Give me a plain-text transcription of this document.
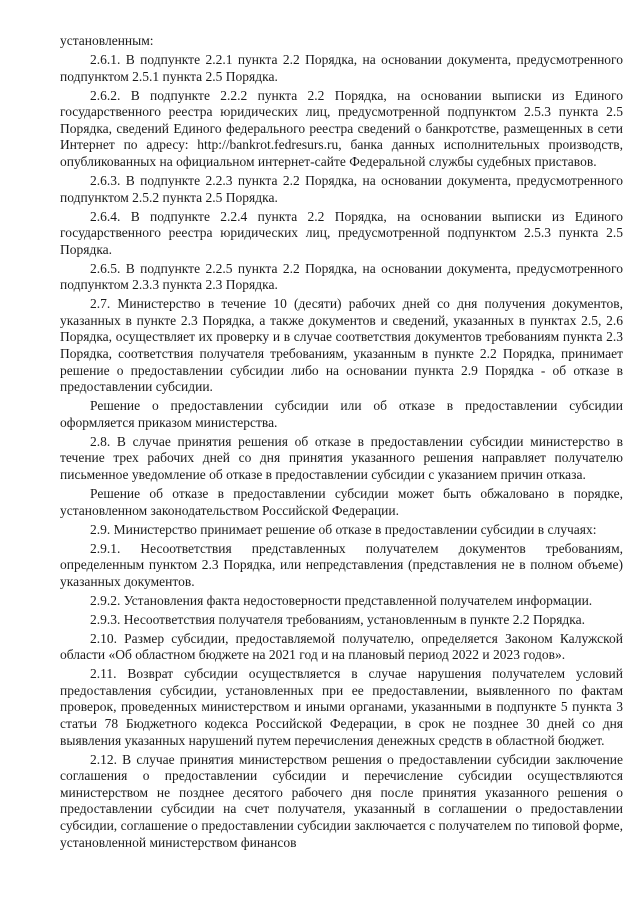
установленным:

2.6.1. В подпункте 2.2.1 пункта 2.2 Порядка, на основании документа, предусмотренного подпунктом 2.5.1 пункта 2.5 Порядка.

2.6.2. В подпункте 2.2.2 пункта 2.2 Порядка, на основании выписки из Единого государственного реестра юридических лиц, предусмотренной подпунктом 2.5.3 пункта 2.5 Порядка, сведений Единого федерального реестра сведений о банкротстве, размещенных в сети Интернет по адресу: http://bankrot.fedresurs.ru, банка данных исполнительных производств, опубликованных на официальном интернет-сайте Федеральной службы судебных приставов.

2.6.3. В подпункте 2.2.3 пункта 2.2 Порядка, на основании документа, предусмотренного подпунктом 2.5.2 пункта 2.5 Порядка.

2.6.4. В подпункте 2.2.4 пункта 2.2 Порядка, на основании выписки из Единого государственного реестра юридических лиц, предусмотренной подпунктом 2.5.3 пункта 2.5 Порядка.

2.6.5. В подпункте 2.2.5 пункта 2.2 Порядка, на основании документа, предусмотренного подпунктом 2.3.3 пункта 2.3 Порядка.

2.7. Министерство в течение 10 (десяти) рабочих дней со дня получения документов, указанных в пункте 2.3 Порядка, а также документов и сведений, указанных в пунктах 2.5, 2.6 Порядка, осуществляет их проверку и в случае соответствия документов требованиям пункта 2.3 Порядка, соответствия получателя требованиям, указанным в пункте 2.2 Порядка, принимает решение о предоставлении субсидии либо на основании пункта 2.9 Порядка - об отказе в предоставлении субсидии.

Решение о предоставлении субсидии или об отказе в предоставлении субсидии оформляется приказом министерства.

2.8. В случае принятия решения об отказе в предоставлении субсидии министерство в течение трех рабочих дней со дня принятия указанного решения направляет получателю письменное уведомление об отказе в предоставлении субсидии с указанием причин отказа.

Решение об отказе в предоставлении субсидии может быть обжаловано в порядке, установленном законодательством Российской Федерации.

2.9. Министерство принимает решение об отказе в предоставлении субсидии в случаях:

2.9.1. Несоответствия представленных получателем документов требованиям, определенным пунктом 2.3 Порядка, или непредставления (представления не в полном объеме) указанных документов.

2.9.2. Установления факта недостоверности представленной получателем информации.

2.9.3. Несоответствия получателя требованиям, установленным в пункте 2.2 Порядка.

2.10. Размер субсидии, предоставляемой получателю, определяется Законом Калужской области «Об областном бюджете на 2021 год и на плановый период 2022 и 2023 годов».

2.11. Возврат субсидии осуществляется в случае нарушения получателем условий предоставления субсидии, установленных при ее предоставлении, выявленного по фактам проверок, проведенных министерством и иными органами, указанными в подпункте 5 пункта 3 статьи 78 Бюджетного кодекса Российской Федерации, в срок не позднее 30 дней со дня выявления указанных нарушений путем перечисления денежных средств в областной бюджет.

2.12. В случае принятия министерством решения о предоставлении субсидии заключение соглашения о предоставлении субсидии и перечисление субсидии осуществляются министерством не позднее десятого рабочего дня после принятия указанного решения о предоставлении субсидии на счет получателя, указанный в соглашении о предоставлении субсидии, соглашение о предоставлении субсидии заключается с получателем по типовой форме, установленной министерством финансов
